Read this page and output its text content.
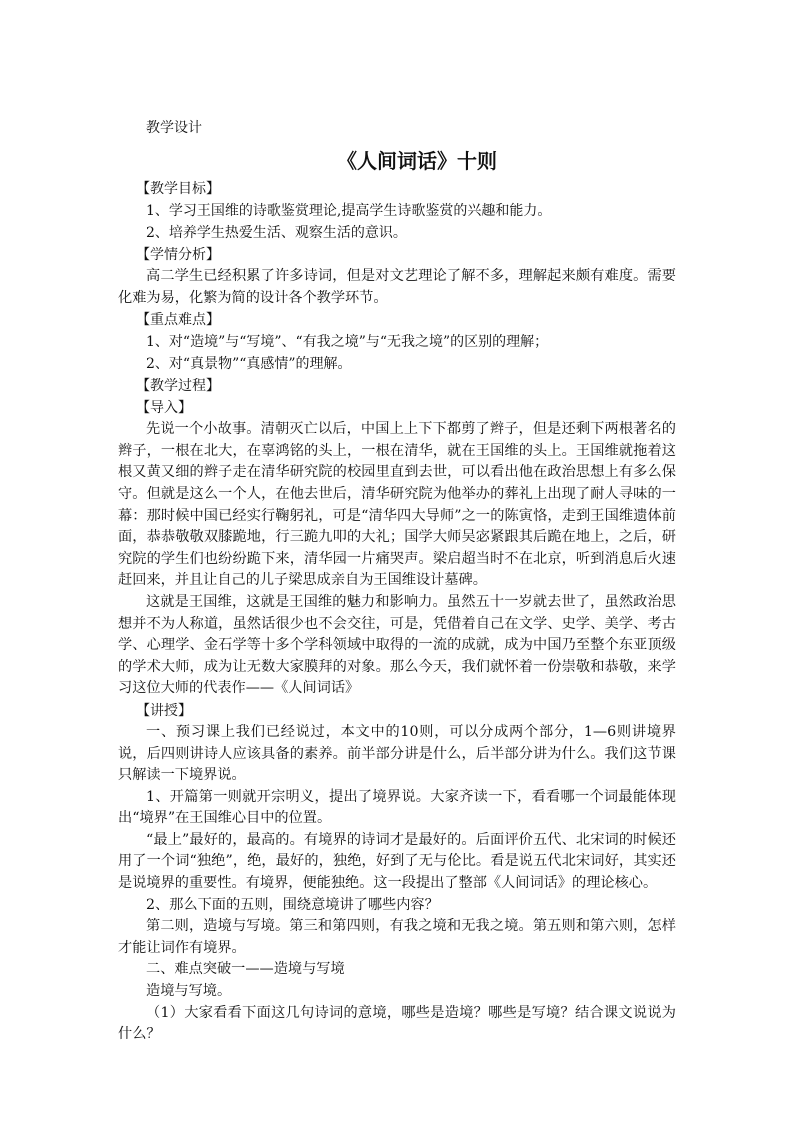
教学设计
《人间词话》十则
【教学目标】
1、学习王国维的诗歌鉴赏理论,提高学生诗歌鉴赏的兴趣和能力。
2、培养学生热爱生活、观察生活的意识。
【学情分析】

高二学生已经积累了许多诗词，但是对文艺理论了解不多，理解起来颇有难度。需要化难为易，化繁为简的设计各个教学环节。

【重点难点】
1、对“造境”与“写境”、“有我之境”与“无我之境”的区别的理解；
2、对“真景物”“真感情”的理解。
【教学过程】
【导入】

先说一个小故事。清朝灭亡以后，中国上上下下都剪了辫子，但是还剩下两根著名的辫子，一根在北大，在辜鸿铭的头上，一根在清华，就在王国维的头上。王国维就拖着这根又黄又细的辫子走在清华研究院的校园里直到去世，可以看出他在政治思想上有多么保守。但就是这么一个人，在他去世后，清华研究院为他举办的葬礼上出现了耐人寻味的一幕：那时候中国已经实行鞠躬礼，可是“清华四大导师”之一的陈寅恪，走到王国维遗体前面，恭恭敬敬双膝跪地，行三跪九叩的大礼；国学大师吴宓紧跟其后跪在地上，之后，研究院的学生们也纷纷跪下来，清华园一片痛哭声。梁启超当时不在北京，听到消息后火速赶回来，并且让自己的儿子梁思成亲自为王国维设计墓碑。

这就是王国维，这就是王国维的魅力和影响力。虽然五十一岁就去世了，虽然政治思想并不为人称道，虽然话很少也不会交往，可是，凭借着自己在文学、史学、美学、考古学、心理学、金石学等十多个学科领域中取得的一流的成就，成为中国乃至整个东亚顶级的学术大师，成为让无数大家膜拜的对象。那么今天，我们就怀着一份崇敬和恭敬，来学习这位大师的代表作——《人间词话》

【讲授】

一、预习课上我们已经说过，本文中的10则，可以分成两个部分，1—6则讲境界说，后四则讲诗人应该具备的素养。前半部分讲是什么，后半部分讲为什么。我们这节课只解读一下境界说。

1、开篇第一则就开宗明义，提出了境界说。大家齐读一下，看看哪一个词最能体现出“境界”在王国维心目中的位置。

“最上”最好的，最高的。有境界的诗词才是最好的。后面评价五代、北宋词的时候还用了一个词“独绝”，绝，最好的，独绝，好到了无与伦比。看是说五代北宋词好，其实还是说境界的重要性。有境界，便能独绝。这一段提出了整部《人间词话》的理论核心。

2、那么下面的五则，围绕意境讲了哪些内容？

第二则，造境与写境。第三和第四则，有我之境和无我之境。第五则和第六则，怎样才能让词作有境界。

二、难点突破一——造境与写境

造境与写境。

（1）大家看看下面这几句诗词的意境，哪些是造境？哪些是写境？结合课文说说为什么？
